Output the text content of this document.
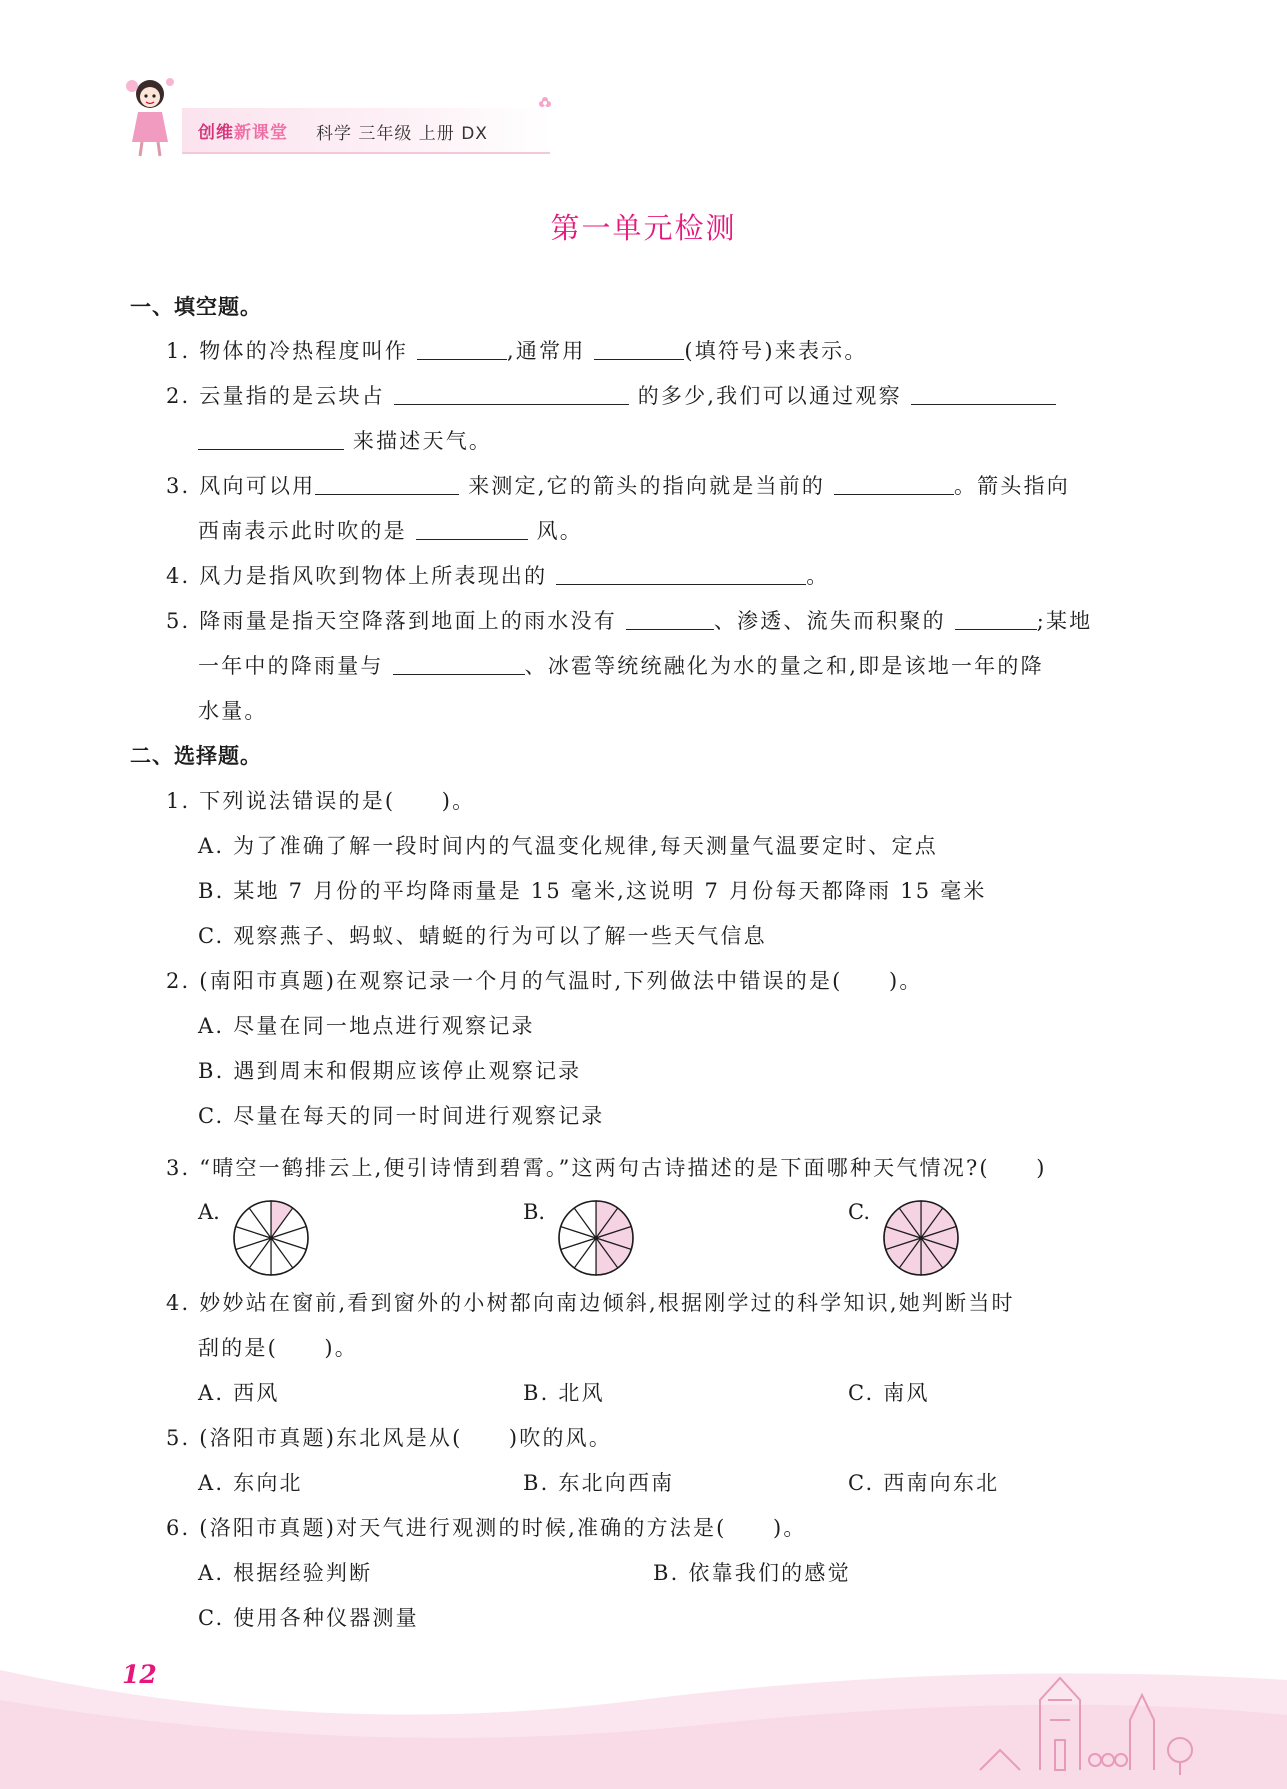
创维新课堂 科学 三年级 上册 DX
第一单元检测
一、填空题。
1. 物体的冷热程度叫作	,通常用	(填符号)来表示。
2. 云量指的是云块占	的多少,我们可以通过观察
来描述天气。
3. 风向可以用	来测定,它的箭头的指向就是当前的	。箭头指向
西南表示此时吹的是	风。
4. 风力是指风吹到物体上所表现出的	。
5. 降雨量是指天空降落到地面上的雨水没有	、渗透、流失而积聚的	;某地
一年中的降雨量与	、冰雹等统统融化为水的量之和,即是该地一年的降
水量。
二、选择题。
1. 下列说法错误的是(　　)。
A. 为了准确了解一段时间内的气温变化规律,每天测量气温要定时、定点
B. 某地 7 月份的平均降雨量是 15 毫米,这说明 7 月份每天都降雨 15 毫米
C. 观察燕子、蚂蚁、蜻蜓的行为可以了解一些天气信息
2. (南阳市真题)在观察记录一个月的气温时,下列做法中错误的是(　　)。
A. 尽量在同一地点进行观察记录
B. 遇到周末和假期应该停止观察记录
C. 尽量在每天的同一时间进行观察记录
3. “晴空一鹤排云上,便引诗情到碧霄。”这两句古诗描述的是下面哪种天气情况?(　　)
A.	B.	C.
4. 妙妙站在窗前,看到窗外的小树都向南边倾斜,根据刚学过的科学知识,她判断当时
刮的是(　　)。
A. 西风	B. 北风	C. 南风
5. (洛阳市真题)东北风是从(　　)吹的风。
A. 东向北	B. 东北向西南	C. 西南向东北
6. (洛阳市真题)对天气进行观测的时候,准确的方法是(　　)。
A. 根据经验判断	B. 依靠我们的感觉
C. 使用各种仪器测量
12
